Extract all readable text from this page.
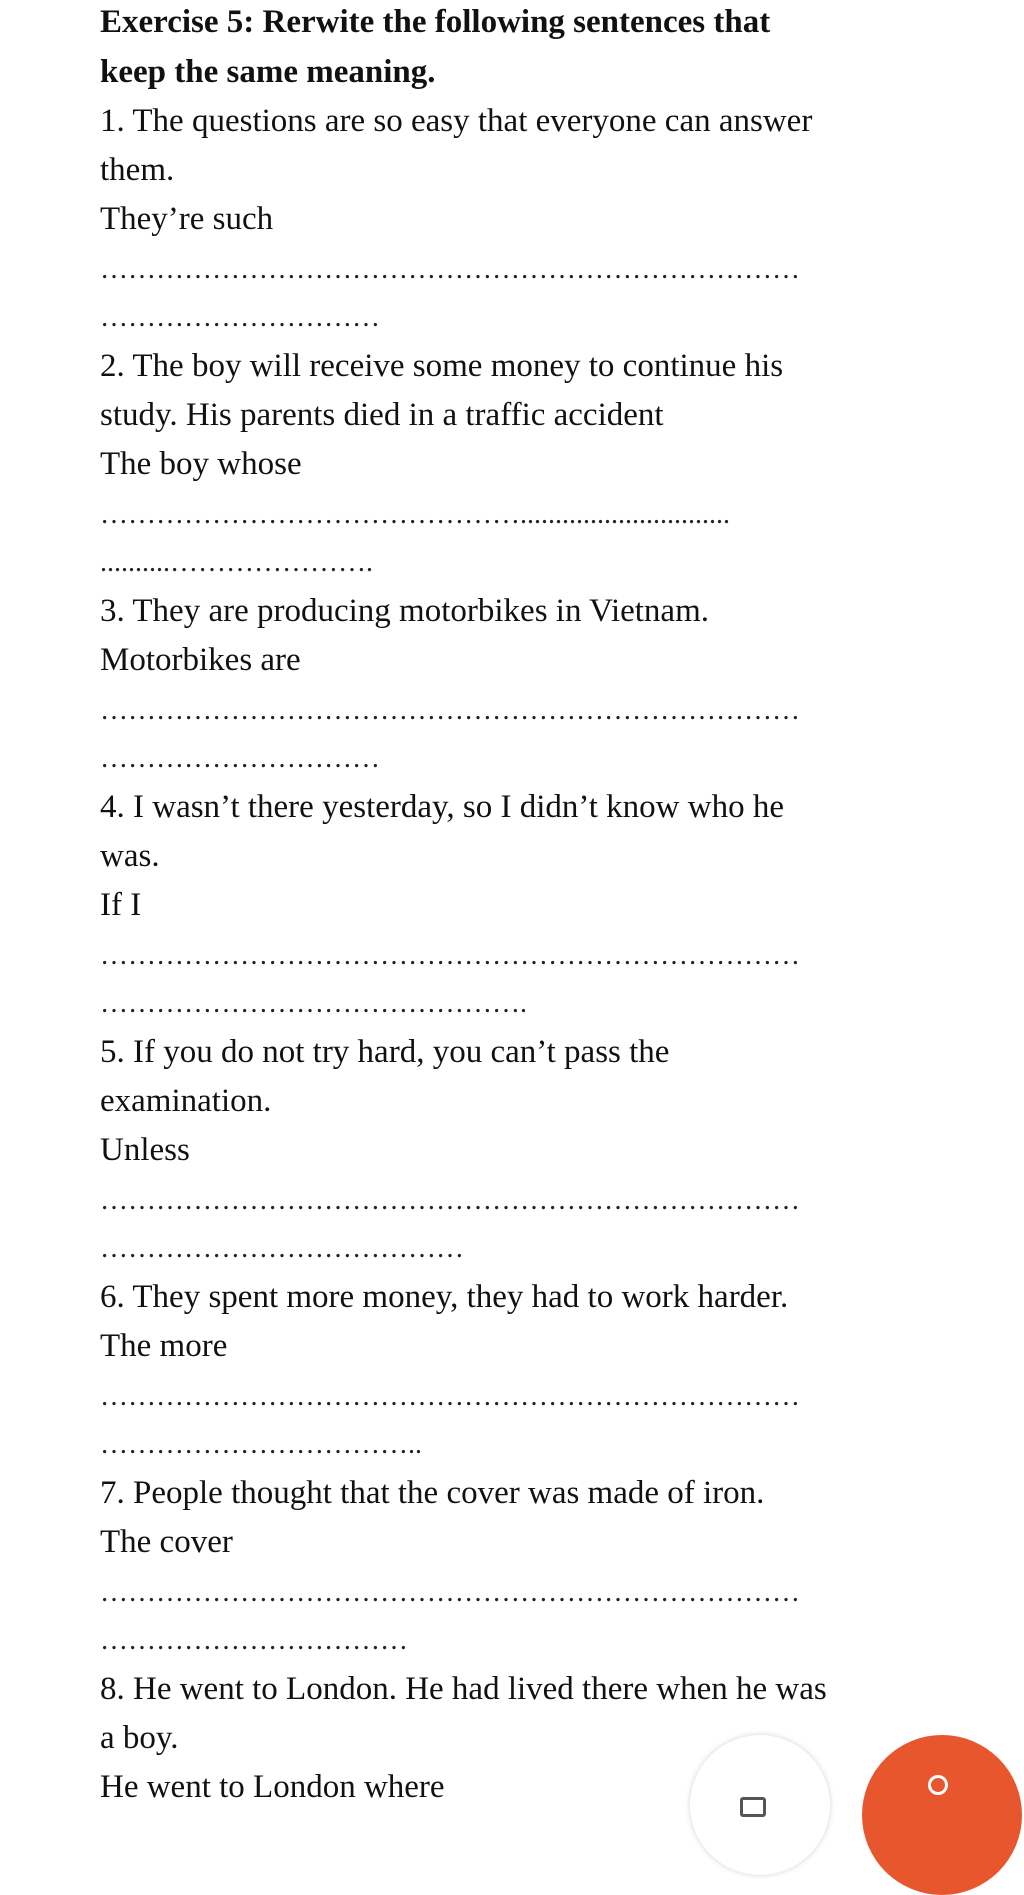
Exercise 5: Rerwite the following sentences that
keep the same meaning.
1. The questions are so easy that everyone can answer
them.
They’re such
…………………………………………………………………
…………………………
2. The boy will receive some money to continue his
study. His parents died in a traffic accident
The boy whose
………………………………………..............................
..........………………….
3. They are producing motorbikes in Vietnam.
Motorbikes are
…………………………………………………………………
…………………………
4. I wasn’t there yesterday, so I didn’t know who he
was.
If I
…………………………………………………………………
……………………………………….
5. If you do not try hard, you can’t pass the
examination.
Unless
…………………………………………………………………
…………………………………
6. They spent more money, they had to work harder.
The more
…………………………………………………………………
……………………………..
7. People thought that the cover was made of iron.
The cover
…………………………………………………………………
……………………………
8. He went to London. He had lived there when he was
a boy.
He went to London where
